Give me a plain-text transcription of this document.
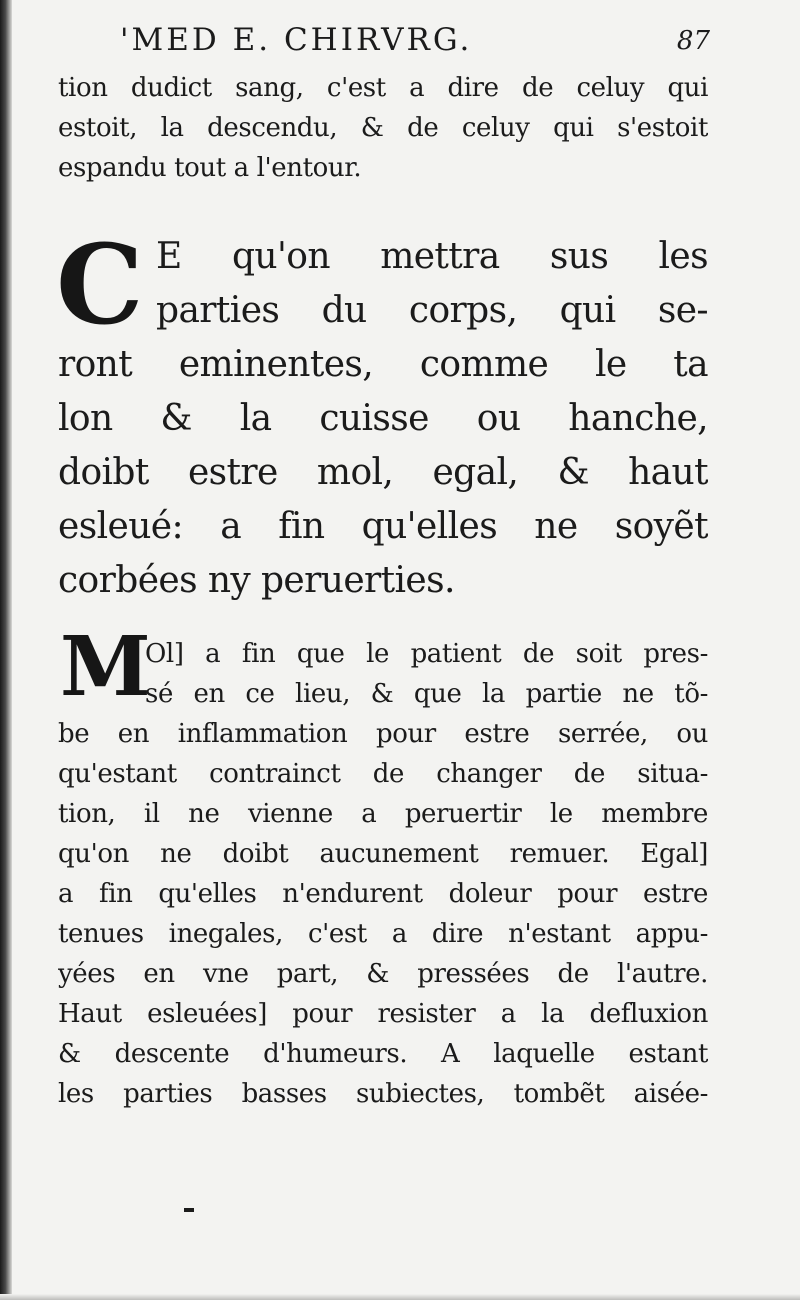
'MED E. CHIRVRG.	87
tion dudict sang, c'est a dire de celuy qui
estoit, la descendu, & de celuy qui s'estoit
espandu tout a l'entour.
C E qu'on mettra sus les
parties du corps, qui se-
ront eminentes, comme le ta
lon & la cuisse ou hanche,
doibt estre mol, egal, & haut
esleué: a fin qu'elles ne soyẽt
corbées ny peruerties.
M
Ol] a fin que le patient de soit pres-
sé en ce lieu, & que la partie ne tõ-
be en inflammation pour estre serrée, ou
qu'estant contrainct de changer de situa-
tion, il ne vienne a peruertir le membre
qu'on ne doibt aucunement remuer. Egal]
a fin qu'elles n'endurent doleur pour estre
tenues inegales, c'est a dire n'estant appu-
yées en vne part, & pressées de l'autre.
Haut esleuées] pour resister a la defluxion
& descente d'humeurs. A laquelle estant
les parties basses subiectes, tombẽt aisée-
